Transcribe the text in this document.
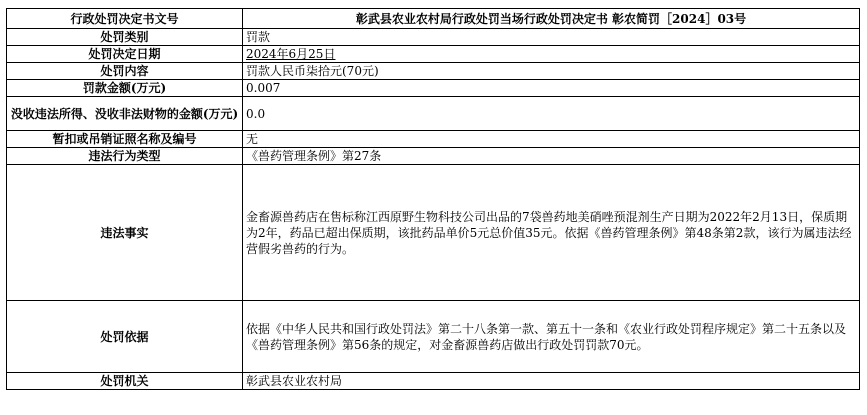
行政处罚决定书文号	彰武县农业农村局行政处罚当场行政处罚决定书 彰农简罚［2024］03号
处罚类别	罚款
处罚决定日期	2024年6月25日
处罚内容	罚款人民币柒拾元(70元)
罚款金额(万元)	0.007
没收违法所得、没收非法财物的金额(万元)	0.0
暂扣或吊销证照名称及编号	无
违法行为类型	《兽药管理条例》第27条
违法事实	金畜源兽药店在售标称江西原野生物科技公司出品的7袋兽药地美硝唑预混剂生产日期为2022年2月13日，保质期为2年，药品已超出保质期，该批药品单价5元总价值35元。依据《兽药管理条例》第48条第2款，该行为属违法经营假劣兽药的行为。
处罚依据	依据《中华人民共和国行政处罚法》第二十八条第一款、第五十一条和《农业行政处罚程序规定》第二十五条以及 《兽药管理条例》第56条的规定，对金畜源兽药店做出行政处罚罚款70元。
处罚机关	彰武县农业农村局
